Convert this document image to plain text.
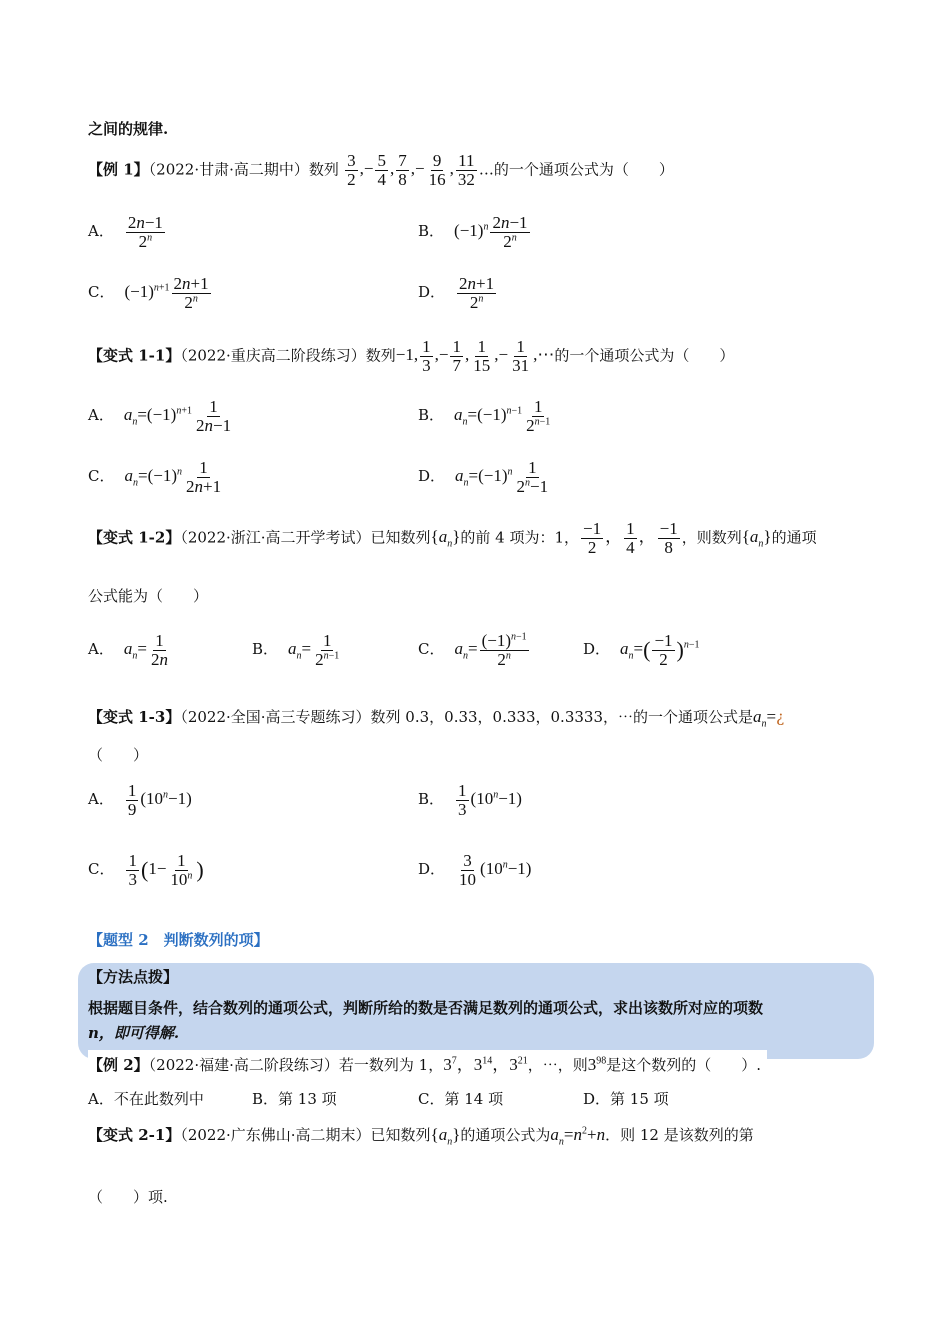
之间的规律.
【例 1】（2022·甘肃·高二期中）数列 $\frac{3}{2}$ ,− $\frac{5}{4}$ , $\frac{7}{8}$ ,− $\frac{9}{16}$ , $\frac{11}{32}$ …的一个通项公式为（　　）
A． $\frac{2n-1}{2^n}$	B． $(-1)^n \frac{2n-1}{2^n}$
C． $(-1)^{n+1} \frac{2n+1}{2^n}$	D． $\frac{2n+1}{2^n}$
【变式 1-1】（2022·重庆高二阶段练习）数列−1, $\frac{1}{3}$ ,− $\frac{1}{7}$ , $\frac{1}{15}$ ,− $\frac{1}{31}$ ,⋯的一个通项公式为（　　）
A． $a_n=(-1)^{n+1} \frac{1}{2n-1}$	B． $a_n=(-1)^{n-1} \frac{1}{2^{n-1}}$
C． $a_n=(-1)^n \frac{1}{2n+1}$	D． $a_n=(-1)^n \frac{1}{2^n-1}$
【变式 1-2】（2022·浙江·高二开学考试）已知数列$\{a_n\}$的前 4 项为：1， $\frac{-1}{2}$ ， $\frac{1}{4}$ ， $\frac{-1}{8}$ ，则数列$\{a_n\}$的通项
公式能为（　　）
A． $a_n= \frac{1}{2n}$	B． $a_n= \frac{1}{2^{n-1}}$	C． $a_n= \frac{(-1)^{n-1}}{2^n}$	D． $a_n=( \frac{-1}{2} )^{n-1}$
【变式 1-3】（2022·全国·高三专题练习）数列 0.3，0.33，0.333，0.3333，⋯的一个通项公式是$a_n=¿$
（　　）
A． $\frac{1}{9} (10^n-1)$	B． $\frac{1}{3} (10^n-1)$
C． $\frac{1}{3} (1- \frac{1}{10^n}$ )	D． $\frac{3}{10} (10^n-1)$
【题型 2　判断数列的项】
【方法点拨】
根据题目条件，结合数列的通项公式，判断所给的数是否满足数列的通项公式，求出该数所对应的项数
n，即可得解.
【例 2】（2022·福建·高二阶段练习）若一数列为 1，$3^7$，$3^{14}$，$3^{21}$，⋯，则$3^{98}$是这个数列的（　　）.
A．不在此数列中	B．第 13 项	C．第 14 项	D．第 15 项
【变式 2-1】（2022·广东佛山·高二期末）已知数列$\{a_n\}$的通项公式为$a_n=n^2+n$．则 12 是该数列的第
（　　）项.
